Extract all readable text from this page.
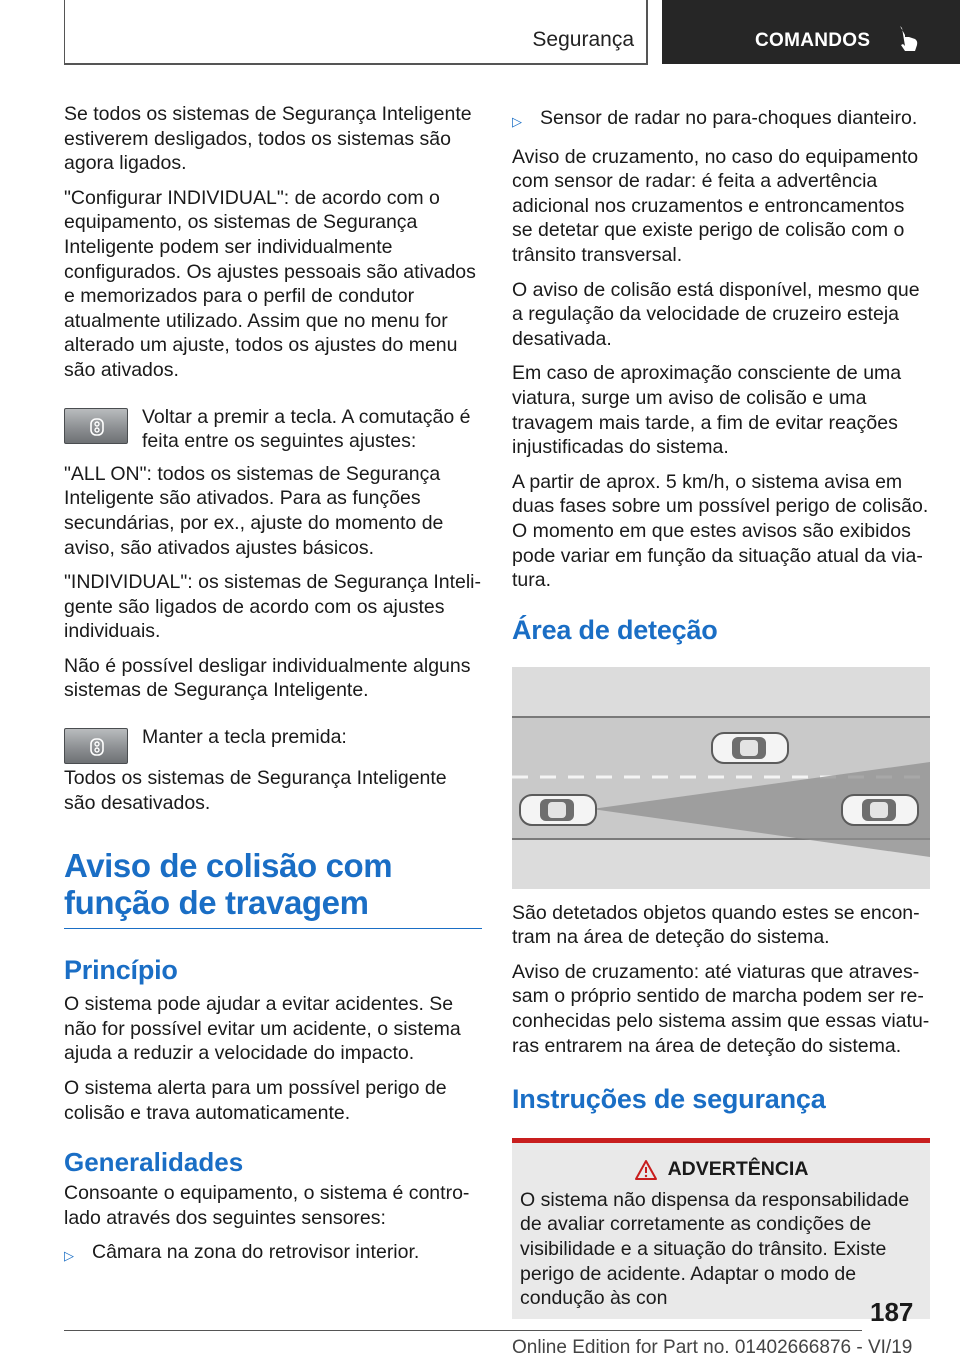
Segurança	COMANDOS

Se todos os sistemas de Segurança Inteligente estiverem desligados, todos os sistemas são agora ligados.

"Configurar INDIVIDUAL": de acordo com o equipamento, os sistemas de Segurança Inteligente podem ser individualmente configurados. Os ajustes pessoais são ativados e memorizados para o perfil de condutor atualmente utilizado. Assim que no menu for alterado um ajuste, todos os ajustes do menu são ativados.

Voltar a premir a tecla. A comutação é feita entre os seguintes ajustes:

"ALL ON": todos os sistemas de Segurança Inteligente são ativados. Para as funções secundárias, por ex., ajuste do momento de aviso, são ativados ajustes básicos.

"INDIVIDUAL": os sistemas de Segurança Inteligente são ligados de acordo com os ajustes individuais.

Não é possível desligar individualmente alguns sistemas de Segurança Inteligente.

Manter a tecla premida:

Todos os sistemas de Segurança Inteligente são desativados.

Aviso de colisão com função de travagem
Princípio

O sistema pode ajudar a evitar acidentes. Se não for possível evitar um acidente, o sistema ajuda a reduzir a velocidade do impacto.

O sistema alerta para um possível perigo de colisão e trava automaticamente.

Generalidades

Consoante o equipamento, o sistema é controlado através dos seguintes sensores:

▷ Câmara na zona do retrovisor interior.
▷ Sensor de radar no para-choques dianteiro.

Aviso de cruzamento, no caso do equipamento com sensor de radar: é feita a advertência adicional nos cruzamentos e entroncamentos se detetar que existe perigo de colisão com o trânsito transversal.

O aviso de colisão está disponível, mesmo que a regulação da velocidade de cruzeiro esteja desativada.

Em caso de aproximação consciente de uma viatura, surge um aviso de colisão e uma travagem mais tarde, a fim de evitar reações injustificadas do sistema.

A partir de aprox. 5 km/h, o sistema avisa em duas fases sobre um possível perigo de colisão. O momento em que estes avisos são exibidos pode variar em função da situação atual da viatura.

Área de deteção

São detetados objetos quando estes se encontram na área de deteção do sistema.

Aviso de cruzamento: até viaturas que atravessam o próprio sentido de marcha podem ser reconhecidas pelo sistema assim que essas viaturas entrarem na área de deteção do sistema.

Instruções de segurança
ADVERTÊNCIA

O sistema não dispensa da responsabilidade de avaliar corretamente as condições de visibilidade e a situação do trânsito. Existe perigo de acidente. Adaptar o modo de condução às con	187
Online Edition for Part no. 01402666876 - VI/19
